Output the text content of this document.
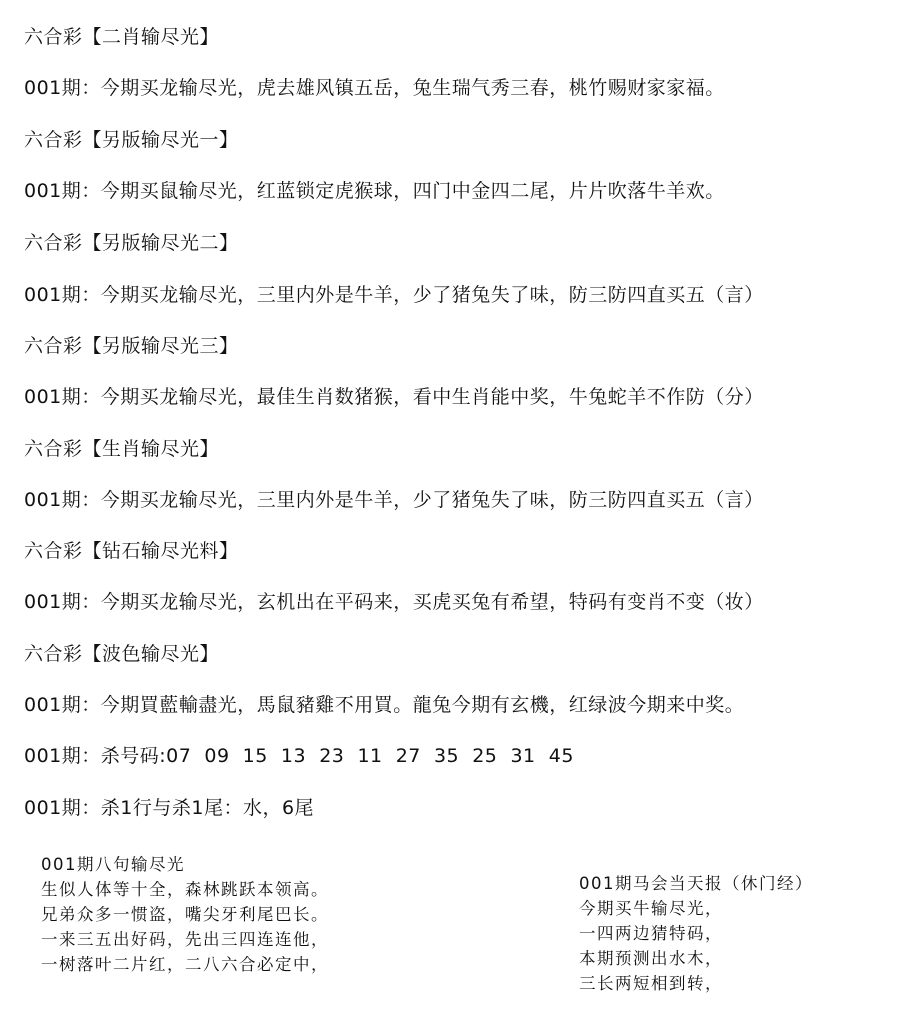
六合彩【二肖输尽光】
001期：今期买龙输尽光，虎去雄风镇五岳，兔生瑞气秀三春，桃竹赐财家家福。
六合彩【另版输尽光一】
001期：今期买鼠输尽光，红蓝锁定虎猴球，四门中金四二尾，片片吹落牛羊欢。
六合彩【另版输尽光二】
001期：今期买龙输尽光，三里内外是牛羊，少了猪兔失了味，防三防四直买五（言）
六合彩【另版输尽光三】
001期：今期买龙输尽光，最佳生肖数猪猴，看中生肖能中奖，牛兔蛇羊不作防（分）
六合彩【生肖输尽光】
001期：今期买龙输尽光，三里内外是牛羊，少了猪兔失了味，防三防四直买五（言）
六合彩【钻石输尽光料】
001期：今期买龙输尽光，玄机出在平码来，买虎买兔有希望，特码有变肖不变（妆）
六合彩【波色输尽光】
001期：今期買藍輸盡光，馬鼠豬雞不用買。龍兔今期有玄機，红绿波今期来中奖。
001期：杀号码:07  09  15  13  23  11  27  35  25  31  45
001期：杀1行与杀1尾：水，6尾
001期八句输尽光
生似人体等十全，森林跳跃本领高。
兄弟众多一惯盗，嘴尖牙利尾巴长。
一来三五出好码，先出三四连连他，
一树落叶二片红，二八六合必定中，
001期马会当天报（休门经）
今期买牛输尽光，
一四两边猜特码，
本期预测出水木，
三长两短相到转，
